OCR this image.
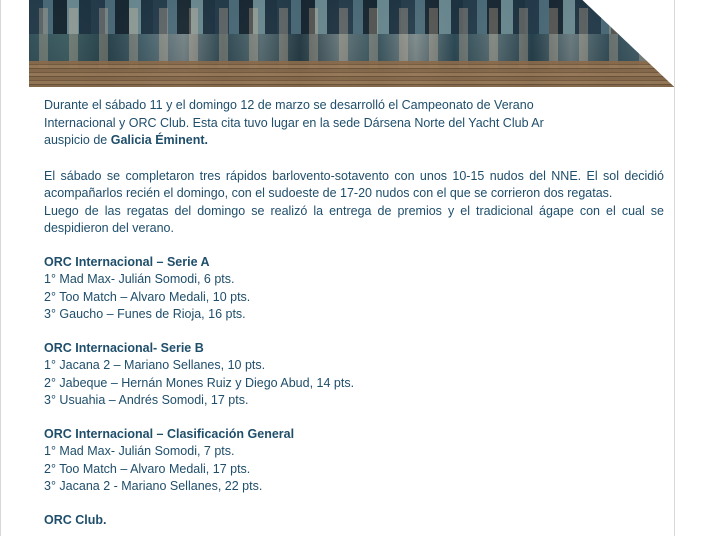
Durante el sábado 11 y el domingo 12 de marzo se desarrolló el Campeonato de Verano
Internacional y ORC Club. Esta cita tuvo lugar en la sede Dársena Norte del Yacht Club Ar
auspicio de Galicia Éminent.

El sábado se completaron tres rápidos barlovento-sotavento con unos 10-15 nudos del NNE. El sol decidió acompañarlos recién el domingo, con el sudoeste de 17-20 nudos con el que se corrieron dos regatas.

Luego de las regatas del domingo se realizó la entrega de premios y el tradicional ágape con el cual se despidieron del verano.

ORC Internacional – Serie A
1° Mad Max- Julián Somodi, 6 pts.
2° Too Match – Alvaro Medali, 10 pts.
3° Gaucho – Funes de Rioja, 16 pts.
ORC Internacional- Serie B
1° Jacana 2 – Mariano Sellanes, 10 pts.
2° Jabeque – Hernán Mones Ruiz y Diego Abud, 14 pts.
3° Usuahia – Andrés Somodi, 17 pts.
ORC Internacional – Clasificación General
1° Mad Max- Julián Somodi, 7 pts.
2° Too Match – Alvaro Medali, 17 pts.
3° Jacana 2 - Mariano Sellanes, 22 pts.
ORC Club.
